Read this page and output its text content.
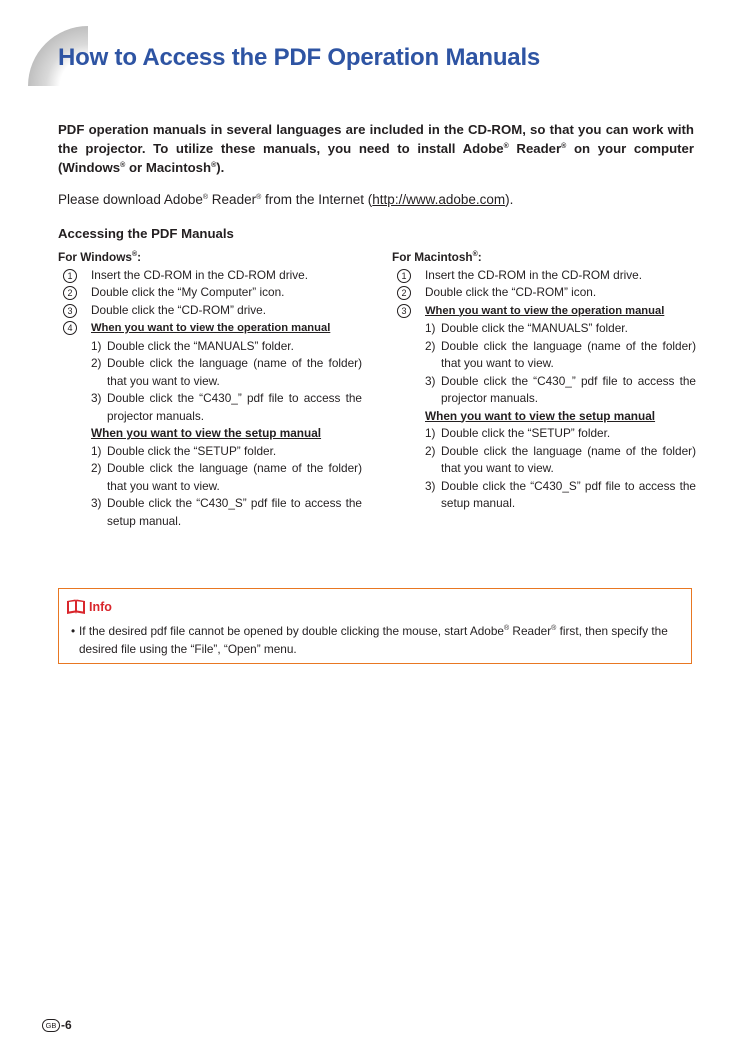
How to Access the PDF Operation Manuals

PDF operation manuals in several languages are included in the CD-ROM, so that you can work with the projector. To utilize these manuals, you need to install Adobe® Reader® on your computer (Windows® or Macintosh®).

Please download Adobe® Reader® from the Internet (http://www.adobe.com).

Accessing the PDF Manuals
For Windows®:
1	Insert the CD-ROM in the CD-ROM drive.
2	Double click the “My Computer” icon.
3	Double click the “CD-ROM” drive.
4	When you want to view the operation manual
1) Double click the “MANUALS” folder.
2) Double click the language (name of the folder) that you want to view.
3) Double click the “C430_” pdf file to access the projector manuals.
When you want to view the setup manual
1) Double click the “SETUP” folder.
2) Double click the language (name of the folder) that you want to view.
3) Double click the “C430_S” pdf file to access the setup manual.
For Macintosh®:
1	Insert the CD-ROM in the CD-ROM drive.
2	Double click the “CD-ROM” icon.
3	When you want to view the operation manual
1) Double click the “MANUALS” folder.
2) Double click the language (name of the folder) that you want to view.
3) Double click the “C430_” pdf file to access the projector manuals.
When you want to view the setup manual
1) Double click the “SETUP” folder.
2) Double click the language (name of the folder) that you want to view.
3) Double click the “C430_S” pdf file to access the setup manual.
Info
• If the desired pdf file cannot be opened by double clicking the mouse, start Adobe® Reader® first, then specify the desired file using the “File”, “Open” menu.
GB -6
